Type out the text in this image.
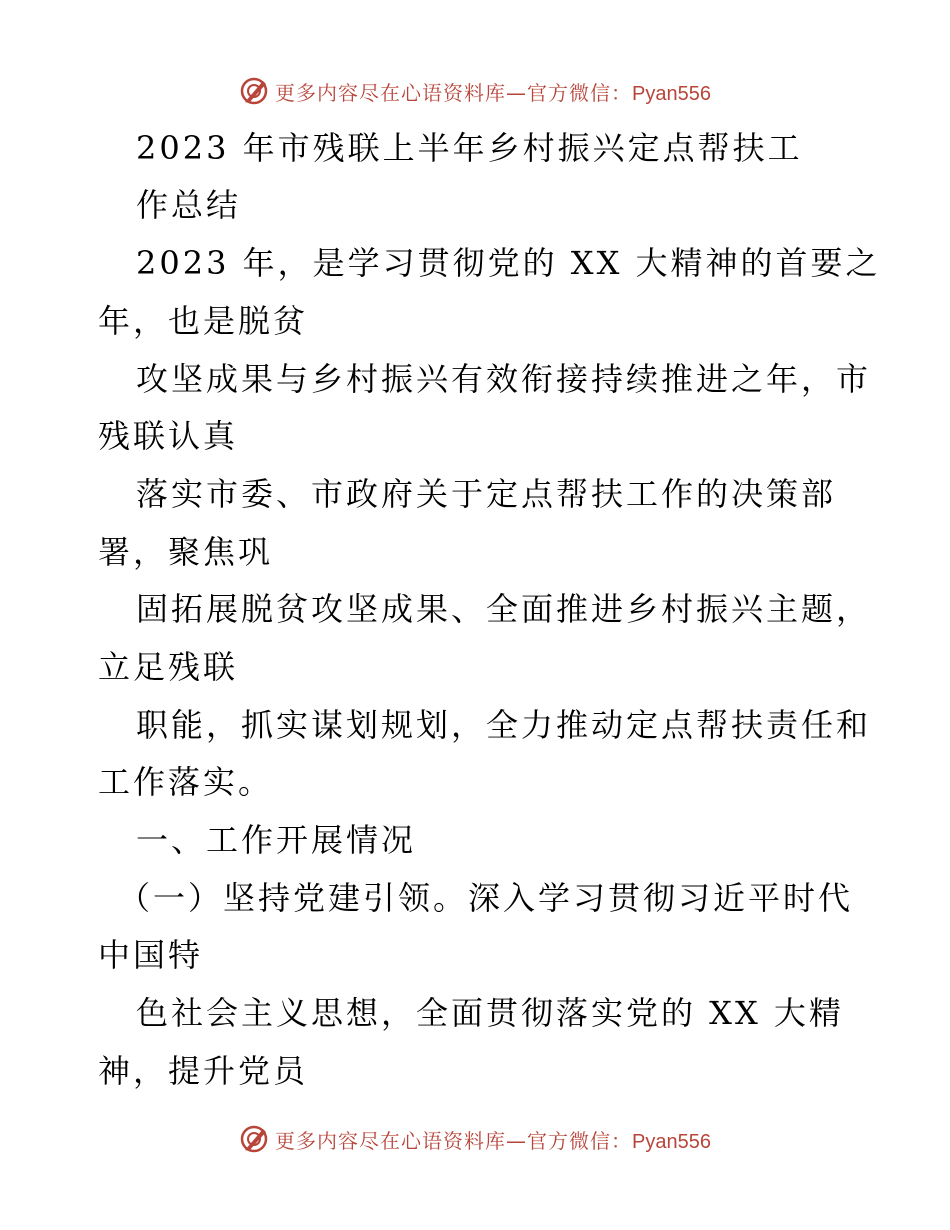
更多内容尽在心语资料库—官方微信：Pyan556
2023 年市残联上半年乡村振兴定点帮扶工
作总结
2023 年，是学习贯彻党的 XX 大精神的首要之
年，也是脱贫
攻坚成果与乡村振兴有效衔接持续推进之年，市
残联认真
落实市委、市政府关于定点帮扶工作的决策部
署，聚焦巩
固拓展脱贫攻坚成果、全面推进乡村振兴主题，
立足残联
职能，抓实谋划规划，全力推动定点帮扶责任和
工作落实。
一、工作开展情况
（一）坚持党建引领。深入学习贯彻习近平时代
中国特
色社会主义思想，全面贯彻落实党的 XX 大精
神，提升党员
更多内容尽在心语资料库—官方微信：Pyan556
